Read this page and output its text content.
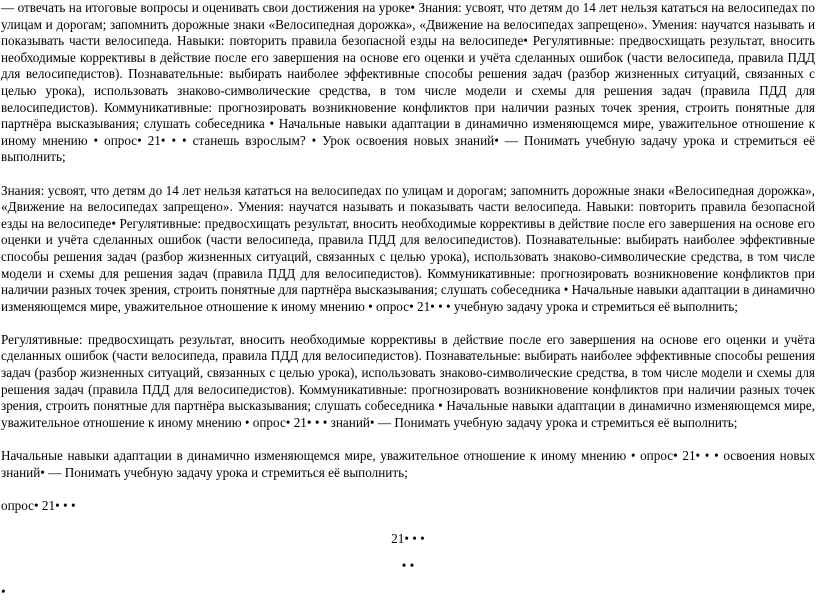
— отвечать на итоговые вопросы и оценивать свои достижения на уроке• Знания: усвоят, что детям до 14 лет нельзя кататься на велосипедах по улицам и дорогам; запомнить дорожные знаки «Велосипедная дорожка», «Движение на велосипедах запрещено». Умения: научатся называть и показывать части велосипеда. Навыки: повторить правила безопасной езды на велосипеде• Регулятивные: предвосхищать результат, вносить необходимые коррективы в действие после его завершения на основе его оценки и учёта сделанных ошибок (части велосипеда, правила ПДД для велосипедистов). Познавательные: выбирать наиболее эффективные способы решения задач (разбор жизненных ситуаций, связанных с целью урока), использовать знаково-символические средства, в том числе модели и схемы для решения задач (правила ПДД для велосипедистов). Коммуникативные: прогнозировать возникновение конфликтов при наличии разных точек зрения, строить понятные для партнёра высказывания; слушать собеседника • Начальные навыки адаптации в динамично изменяющемся мире, уважительное отношение к иному мнению • опрос• 21• • • станешь взрослым? • Урок освоения новых знаний• — Понимать учебную задачу урока и стремиться её выполнить;

Знания: усвоят, что детям до 14 лет нельзя кататься на велосипедах по улицам и дорогам; запомнить дорожные знаки «Велосипедная дорожка», «Движение на велосипедах запрещено». Умения: научатся называть и показывать части велосипеда. Навыки: повторить правила безопасной езды на велосипеде• Регулятивные: предвосхищать результат, вносить необходимые коррективы в действие после его завершения на основе его оценки и учёта сделанных ошибок (части велосипеда, правила ПДД для велосипедистов). Познавательные: выбирать наиболее эффективные способы решения задач (разбор жизненных ситуаций, связанных с целью урока), использовать знаково-символические средства, в том числе модели и схемы для решения задач (правила ПДД для велосипедистов). Коммуникативные: прогнозировать возникновение конфликтов при наличии разных точек зрения, строить понятные для партнёра высказывания; слушать собеседника • Начальные навыки адаптации в динамично изменяющемся мире, уважительное отношение к иному мнению • опрос• 21• • • учебную задачу урока и стремиться её выполнить;

Регулятивные: предвосхищать результат, вносить необходимые коррективы в действие после его завершения на основе его оценки и учёта сделанных ошибок (части велосипеда, правила ПДД для велосипедистов). Познавательные: выбирать наиболее эффективные способы решения задач (разбор жизненных ситуаций, связанных с целью урока), использовать знаково-символические средства, в том числе модели и схемы для решения задач (правила ПДД для велосипедистов). Коммуникативные: прогнозировать возникновение конфликтов при наличии разных точек зрения, строить понятные для партнёра высказывания; слушать собеседника • Начальные навыки адаптации в динамично изменяющемся мире, уважительное отношение к иному мнению • опрос• 21• • • знаний• — Понимать учебную задачу урока и стремиться её выполнить;

Начальные навыки адаптации в динамично изменяющемся мире, уважительное отношение к иному мнению • опрос• 21• • • освоения новых знаний• — Понимать учебную задачу урока и стремиться её выполнить;

опрос• 21• • •

21• • •

• •

•
